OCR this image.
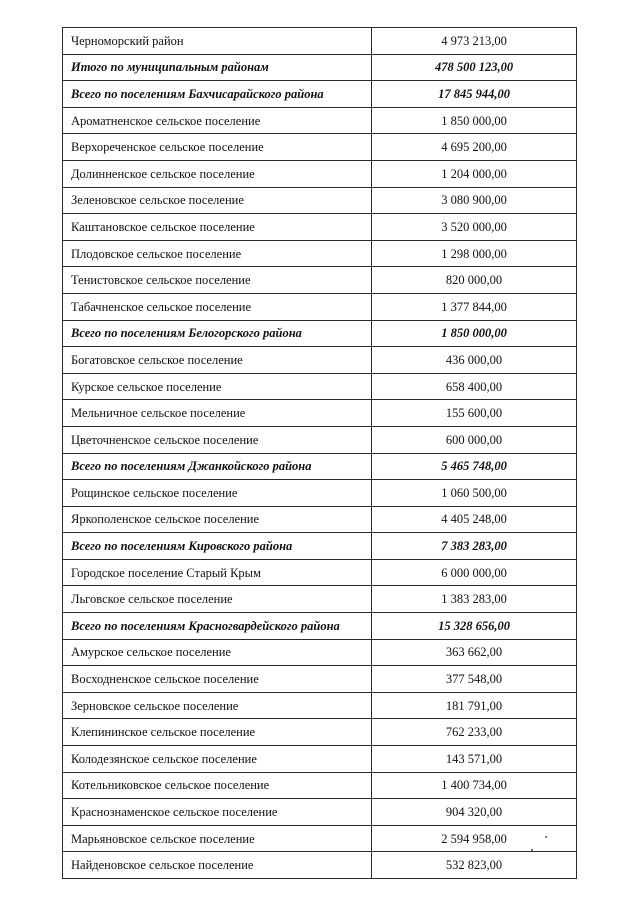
Черноморский район	4 973 213,00
Итого по муниципальным районам	478 500 123,00
Всего по поселениям Бахчисарайского района	17 845 944,00
Ароматненское сельское поселение	1 850 000,00
Верхореченское сельское поселение	4 695 200,00
Долинненское сельское поселение	1 204 000,00
Зеленовское сельское поселение	3 080 900,00
Каштановское сельское поселение	3 520 000,00
Плодовское сельское поселение	1 298 000,00
Тенистовское сельское поселение	820 000,00
Табачненское сельское поселение	1 377 844,00
Всего по поселениям Белогорского района	1 850 000,00
Богатовское сельское поселение	436 000,00
Курское сельское поселение	658 400,00
Мельничное сельское поселение	155 600,00
Цветочненское сельское поселение	600 000,00
Всего по поселениям Джанкойского района	5 465 748,00
Рощинское сельское поселение	1 060 500,00
Яркополенское сельское поселение	4 405 248,00
Всего по поселениям Кировского района	7 383 283,00
Городское поселение Старый Крым	6 000 000,00
Льговское сельское поселение	1 383 283,00
Всего по поселениям Красногвардейского района	15 328 656,00
Амурское сельское поселение	363 662,00
Восходненское сельское поселение	377 548,00
Зерновское сельское поселение	181 791,00
Клепининское сельское поселение	762 233,00
Колодезянское сельское поселение	143 571,00
Котельниковское сельское поселение	1 400 734,00
Краснознаменское сельское поселение	904 320,00
Марьяновское сельское поселение	2 594 958,00
Найденовское сельское поселение	532 823,00
